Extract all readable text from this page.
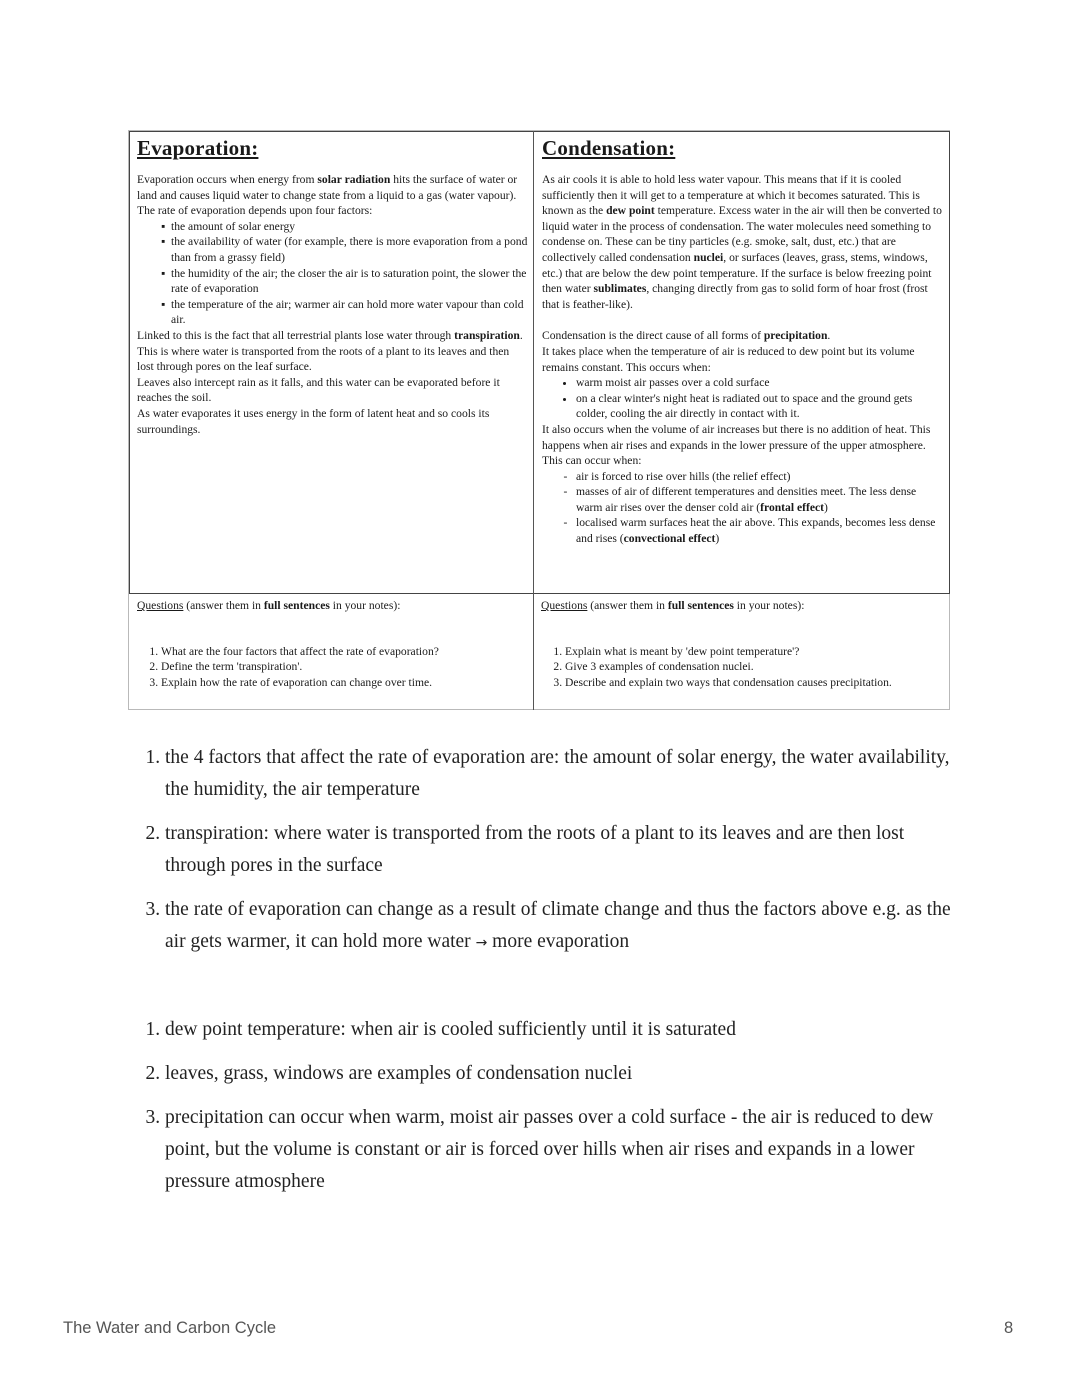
Evaporation:

Evaporation occurs when energy from solar radiation hits the surface of water or land and causes liquid water to change state from a liquid to a gas (water vapour). The rate of evaporation depends upon four factors:

▪ the amount of solar energy
▪ the availability of water (for example, there is more evaporation from a pond than from a grassy field)
▪ the humidity of the air; the closer the air is to saturation point, the slower the rate of evaporation
▪ the temperature of the air; warmer air can hold more water vapour than cold air.

Linked to this is the fact that all terrestrial plants lose water through transpiration. This is where water is transported from the roots of a plant to its leaves and then lost through pores on the leaf surface.

Leaves also intercept rain as it falls, and this water can be evaporated before it reaches the soil.

As water evaporates it uses energy in the form of latent heat and so cools its surroundings.

Condensation:

As air cools it is able to hold less water vapour. This means that if it is cooled sufficiently then it will get to a temperature at which it becomes saturated. This is known as the dew point temperature. Excess water in the air will then be converted to liquid water in the process of condensation. The water molecules need something to condense on. These can be tiny particles (e.g. smoke, salt, dust, etc.) that are collectively called condensation nuclei, or surfaces (leaves, grass, stems, windows, etc.) that are below the dew point temperature. If the surface is below freezing point then water sublimates, changing directly from gas to solid form of hoar frost (frost that is feather-like).

Condensation is the direct cause of all forms of precipitation.

It takes place when the temperature of air is reduced to dew point but its volume remains constant. This occurs when:

• warm moist air passes over a cold surface
• on a clear winter's night heat is radiated out to space and the ground gets colder, cooling the air directly in contact with it.

It also occurs when the volume of air increases but there is no addition of heat. This happens when air rises and expands in the lower pressure of the upper atmosphere. This can occur when:

- air is forced to rise over hills (the relief effect)
- masses of air of different temperatures and densities meet. The less dense warm air rises over the denser cold air (frontal effect)
- localised warm surfaces heat the air above. This expands, becomes less dense and rises (convectional effect)
Questions (answer them in full sentences in your notes):
1. What are the four factors that affect the rate of evaporation?
2. Define the term 'transpiration'.
3. Explain how the rate of evaporation can change over time.
Questions (answer them in full sentences in your notes):
1. Explain what is meant by 'dew point temperature'?
2. Give 3 examples of condensation nuclei.
3. Describe and explain two ways that condensation causes precipitation.
1. the 4 factors that affect the rate of evaporation are: the amount of solar energy, the water availability, the humidity, the air temperature
2. transpiration: where water is transported from the roots of a plant to its leaves and are then lost through pores in the surface
3. the rate of evaporation can change as a result of climate change and thus the factors above e.g. as the air gets warmer, it can hold more water → more evaporation
1. dew point temperature: when air is cooled sufficiently until it is saturated
2. leaves, grass, windows are examples of condensation nuclei
3. precipitation can occur when warm, moist air passes over a cold surface - the air is reduced to dew point, but the volume is constant or air is forced over hills when air rises and expands in a lower pressure atmosphere
The Water and Carbon Cycle	8
